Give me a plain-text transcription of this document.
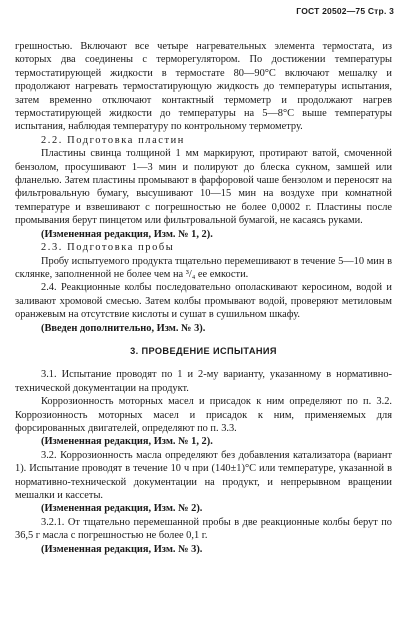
ГОСТ 20502—75 Стр. 3

грешностью. Включают все четыре нагревательных элемента термостата, из которых два соединены с терморегулятором. По достижении температуры термостатирующей жидкости в термостате 80—90°С включают мешалку и продолжают нагревать термостатирующую жидкость до температуры испытания, затем временно отключают контактный термометр и продолжают нагрев термостатирующей жидкости до температуры на 5—8°С выше температуры испытания, наблюдая температуру по контрольному термометру.

2.2. Подготовка пластин

Пластины свинца толщиной 1 мм маркируют, протирают ватой, смоченной бензолом, просушивают 1—3 мин и полируют до блеска сукном, замшей или фланелью. Затем пластины промывают в фарфоровой чаше бензолом и переносят на фильтровальную бумагу, высушивают 10—15 мин на воздухе при комнатной температуре и взвешивают с погрешностью не более 0,0002 г. Пластины после промывания берут пинцетом или фильтровальной бумагой, не касаясь руками.

(Измененная редакция, Изм. № 1, 2).

2.3. Подготовка пробы

Пробу испытуемого продукта тщательно перемешивают в течение 5—10 мин в склянке, заполненной не более чем на ³/₄ ее емкости.

2.4. Реакционные колбы последовательно ополаскивают керосином, водой и заливают хромовой смесью. Затем колбы промывают водой, проверяют метиловым оранжевым на отсутствие кислоты и сушат в сушильном шкафу.

(Введен дополнительно, Изм. № 3).

3. ПРОВЕДЕНИЕ ИСПЫТАНИЯ

3.1. Испытание проводят по 1 и 2-му варианту, указанному в нормативно-технической документации на продукт.

Коррозионность моторных масел и присадок к ним определяют по п. 3.2. Коррозионность моторных масел и присадок к ним, применяемых для форсированных двигателей, определяют по п. 3.3.

(Измененная редакция, Изм. № 1, 2).

3.2. Коррозионность масла определяют без добавления катализатора (вариант 1). Испытание проводят в течение 10 ч при (140±1)°С или температуре, указанной в нормативно-технической документации на продукт, и непрерывном вращении мешалки и кассеты.

(Измененная редакция, Изм. № 2).

3.2.1. От тщательно перемешанной пробы в две реакционные колбы берут по 36,5 г масла с погрешностью не более 0,1 г.

(Измененная редакция, Изм. № 3).
